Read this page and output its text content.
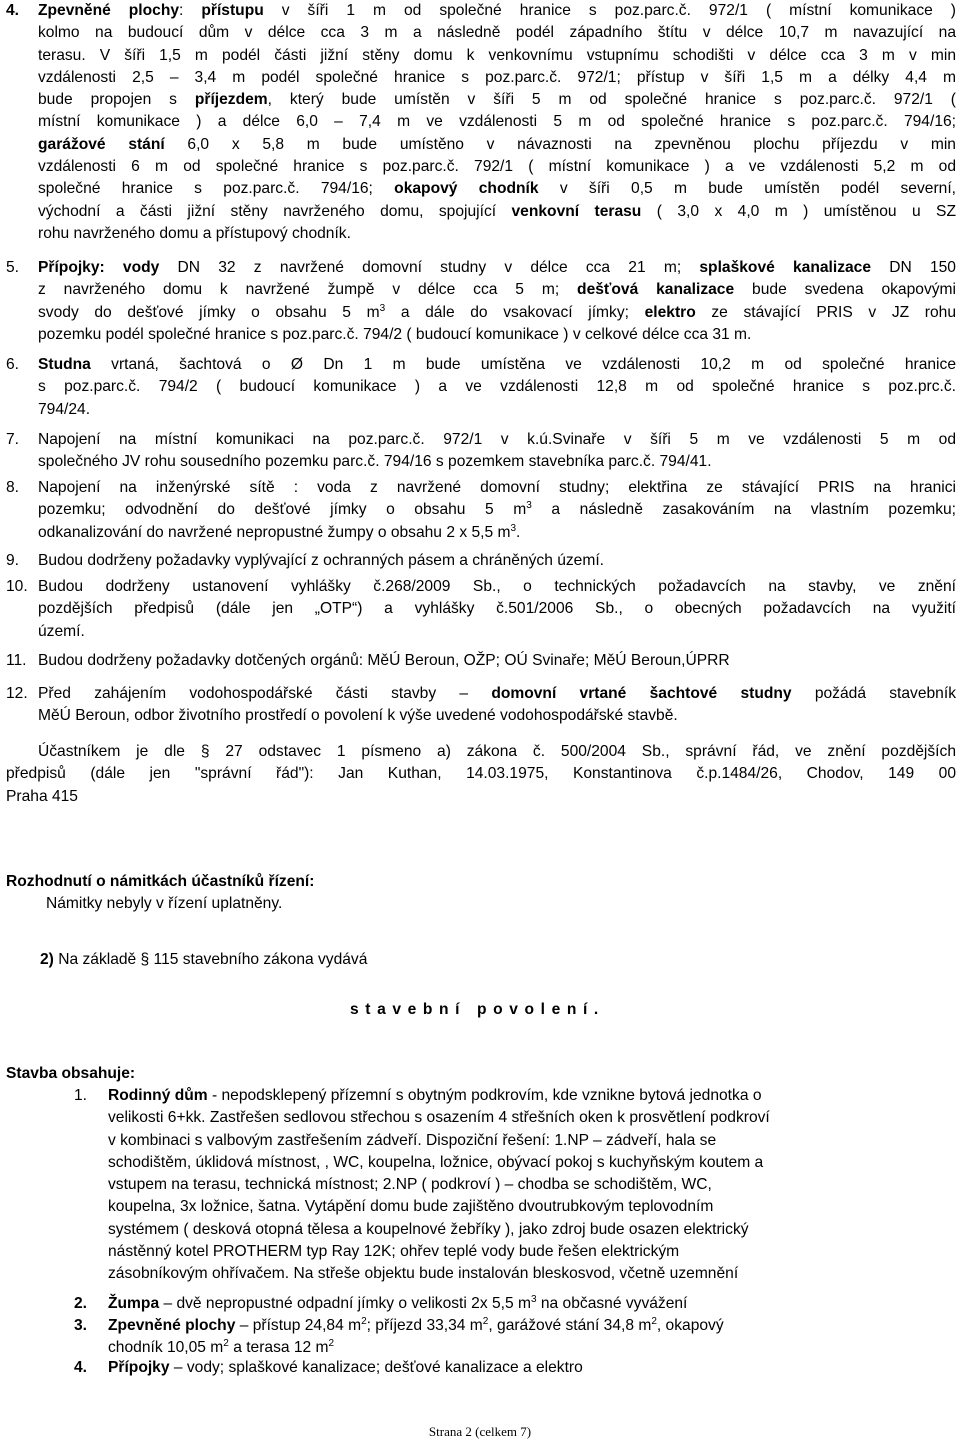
4. Zpevněné plochy: přístupu v šíři 1 m od společné hranice s poz.parc.č. 972/1 ( místní komunikace )
kolmo na budoucí dům v délce cca 3 m a následně podél západního štítu v délce 10,7 m navazující na
terasu. V šíři 1,5 m podél části jižní stěny domu k venkovnímu vstupnímu schodišti v délce cca 3 m v min
vzdálenosti 2,5 – 3,4 m podél společné hranice s poz.parc.č. 972/1; přístup v šíři 1,5 m a délky 4,4 m
bude propojen s příjezdem, který bude umístěn v šíři 5 m od společné hranice s poz.parc.č. 972/1 (
místní komunikace ) a délce 6,0 – 7,4 m ve vzdálenosti 5 m od společné hranice s poz.parc.č. 794/16;
garážové stání 6,0 x 5,8 m bude umístěno v návaznosti na zpevněnou plochu příjezdu v min
vzdálenosti 6 m od společné hranice s poz.parc.č. 792/1 ( místní komunikace ) a ve vzdálenosti 5,2 m od
společné hranice s poz.parc.č. 794/16; okapový chodník v šíři 0,5 m bude umístěn podél severní,
východní a části jižní stěny navrženého domu, spojující venkovní terasu ( 3,0 x 4,0 m ) umístěnou u SZ
rohu navrženého domu a přístupový chodník.
5. Přípojky: vody DN 32 z navržené domovní studny v délce cca 21 m; splaškové kanalizace DN 150
z navrženého domu k navržené žumpě v délce cca 5 m; dešťová kanalizace bude svedena okapovými
svody do dešťové jímky o obsahu 5 $m^3$ a dále do vsakovací jímky; elektro ze stávající PRIS v JZ rohu
pozemku podél společné hranice s poz.parc.č. 794/2 ( budoucí komunikace ) v celkové délce cca 31 m.
6. Studna vrtaná, šachtová o Ø Dn 1 m bude umístěna ve vzdálenosti 10,2 m od společné hranice
s poz.parc.č. 794/2 ( budoucí komunikace ) a ve vzdálenosti 12,8 m od společné hranice s poz.prc.č.
794/24.
7. Napojení na místní komunikaci na poz.parc.č. 972/1 v k.ú.Svinaře v šíři 5 m ve vzdálenosti 5 m od
společného JV rohu sousedního pozemku parc.č. 794/16 s pozemkem stavebníka parc.č. 794/41.
8. Napojení na inženýrské sítě : voda z navržené domovní studny; elektřina ze stávající PRIS na hranici
pozemku; odvodnění do dešťové jímky o obsahu 5 $m^3$ a následně zasakováním na vlastním pozemku;
odkanalizování do navržené nepropustné žumpy o obsahu 2 x 5,5 $m^3$.
9. Budou dodrženy požadavky vyplývající z ochranných pásem a chráněných území.
10. Budou dodrženy ustanovení vyhlášky č.268/2009 Sb., o technických požadavcích na stavby, ve znění
pozdějších předpisů (dále jen „OTP“) a vyhlášky č.501/2006 Sb., o obecných požadavcích na využití
území.
11. Budou dodrženy požadavky dotčených orgánů: MěÚ Beroun, OŽP; OÚ Svinaře; MěÚ Beroun,ÚPRR
12. Před zahájením vodohospodářské části stavby – domovní vrtané šachtové studny požádá stavebník
MěÚ Beroun, odbor životního prostředí o povolení k výše uvedené vodohospodářské stavbě.
Účastníkem je dle § 27 odstavec 1 písmeno a) zákona č. 500/2004 Sb., správní řád, ve znění pozdějších
předpisů (dále jen "správní řád"): Jan Kuthan, 14.03.1975, Konstantinova č.p.1484/26, Chodov, 149 00
Praha 415
Rozhodnutí o námitkách účastníků řízení:
Námitky nebyly v řízení uplatněny.
2) Na základě § 115 stavebního zákona vydává
stavební povolení.
Stavba obsahuje:
1. Rodinný dům - nepodsklepený přízemní s obytným podkrovím, kde vznikne bytová jednotka o
velikosti 6+kk. Zastřešen sedlovou střechou s osazením 4 střešních oken k prosvětlení podkroví
v kombinaci s valbovým zastřešením zádveří. Dispoziční řešení: 1.NP – zádveří, hala se
schodištěm, úklidová místnost, , WC, koupelna, ložnice, obývací pokoj s kuchyňským koutem a
vstupem na terasu, technická místnost; 2.NP ( podkroví ) – chodba se schodištěm, WC,
koupelna, 3x ložnice, šatna. Vytápění domu bude zajištěno dvoutrubkovým teplovodním
systémem ( desková otopná tělesa a koupelnové žebříky ), jako zdroj bude osazen elektrický
nástěnný kotel PROTHERM typ Ray 12K; ohřev teplé vody bude řešen elektrickým
zásobníkovým ohřívačem. Na střeše objektu bude instalován bleskosvod, včetně uzemnění
2. Žumpa – dvě nepropustné odpadní jímky o velikosti 2x 5,5 $m^3$ na občasné vyvážení
3. Zpevněné plochy – přístup 24,84 $m^2$; příjezd 33,34 $m^2$, garážové stání 34,8 $m^2$, okapový
chodník 10,05 $m^2$ a terasa 12 $m^2$
4. Přípojky – vody; splaškové kanalizace; dešťové kanalizace a elektro
Strana 2 (celkem 7)
